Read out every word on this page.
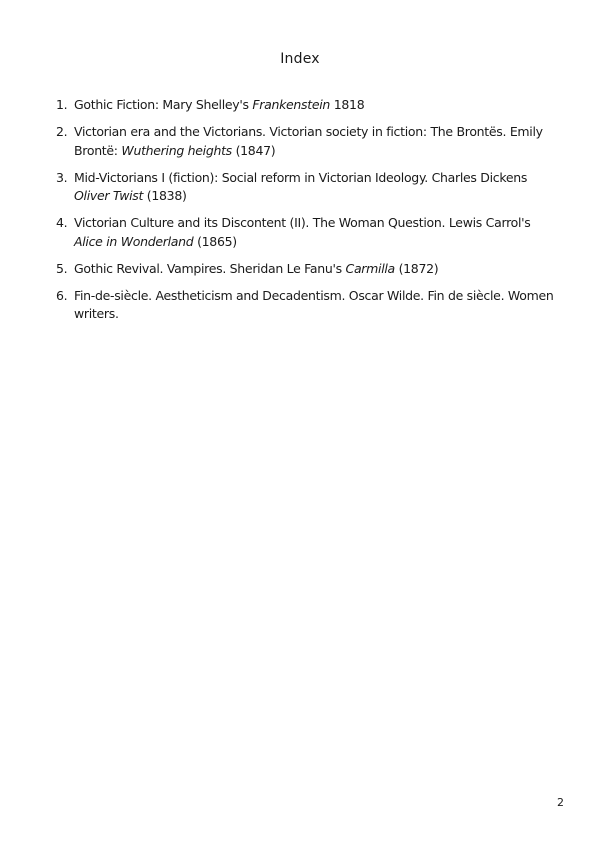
Index
1. Gothic Fiction: Mary Shelley's Frankenstein 1818
2. Victorian era and the Victorians. Victorian society in fiction: The Brontës. Emily Brontë: Wuthering heights (1847)
3. Mid-Victorians I (fiction): Social reform in Victorian Ideology. Charles Dickens Oliver Twist (1838)
4. Victorian Culture and its Discontent (II). The Woman Question. Lewis Carrol's Alice in Wonderland (1865)
5. Gothic Revival. Vampires. Sheridan Le Fanu's Carmilla (1872)
6. Fin-de-siècle. Aestheticism and Decadentism. Oscar Wilde. Fin de siècle. Women writers.
2
